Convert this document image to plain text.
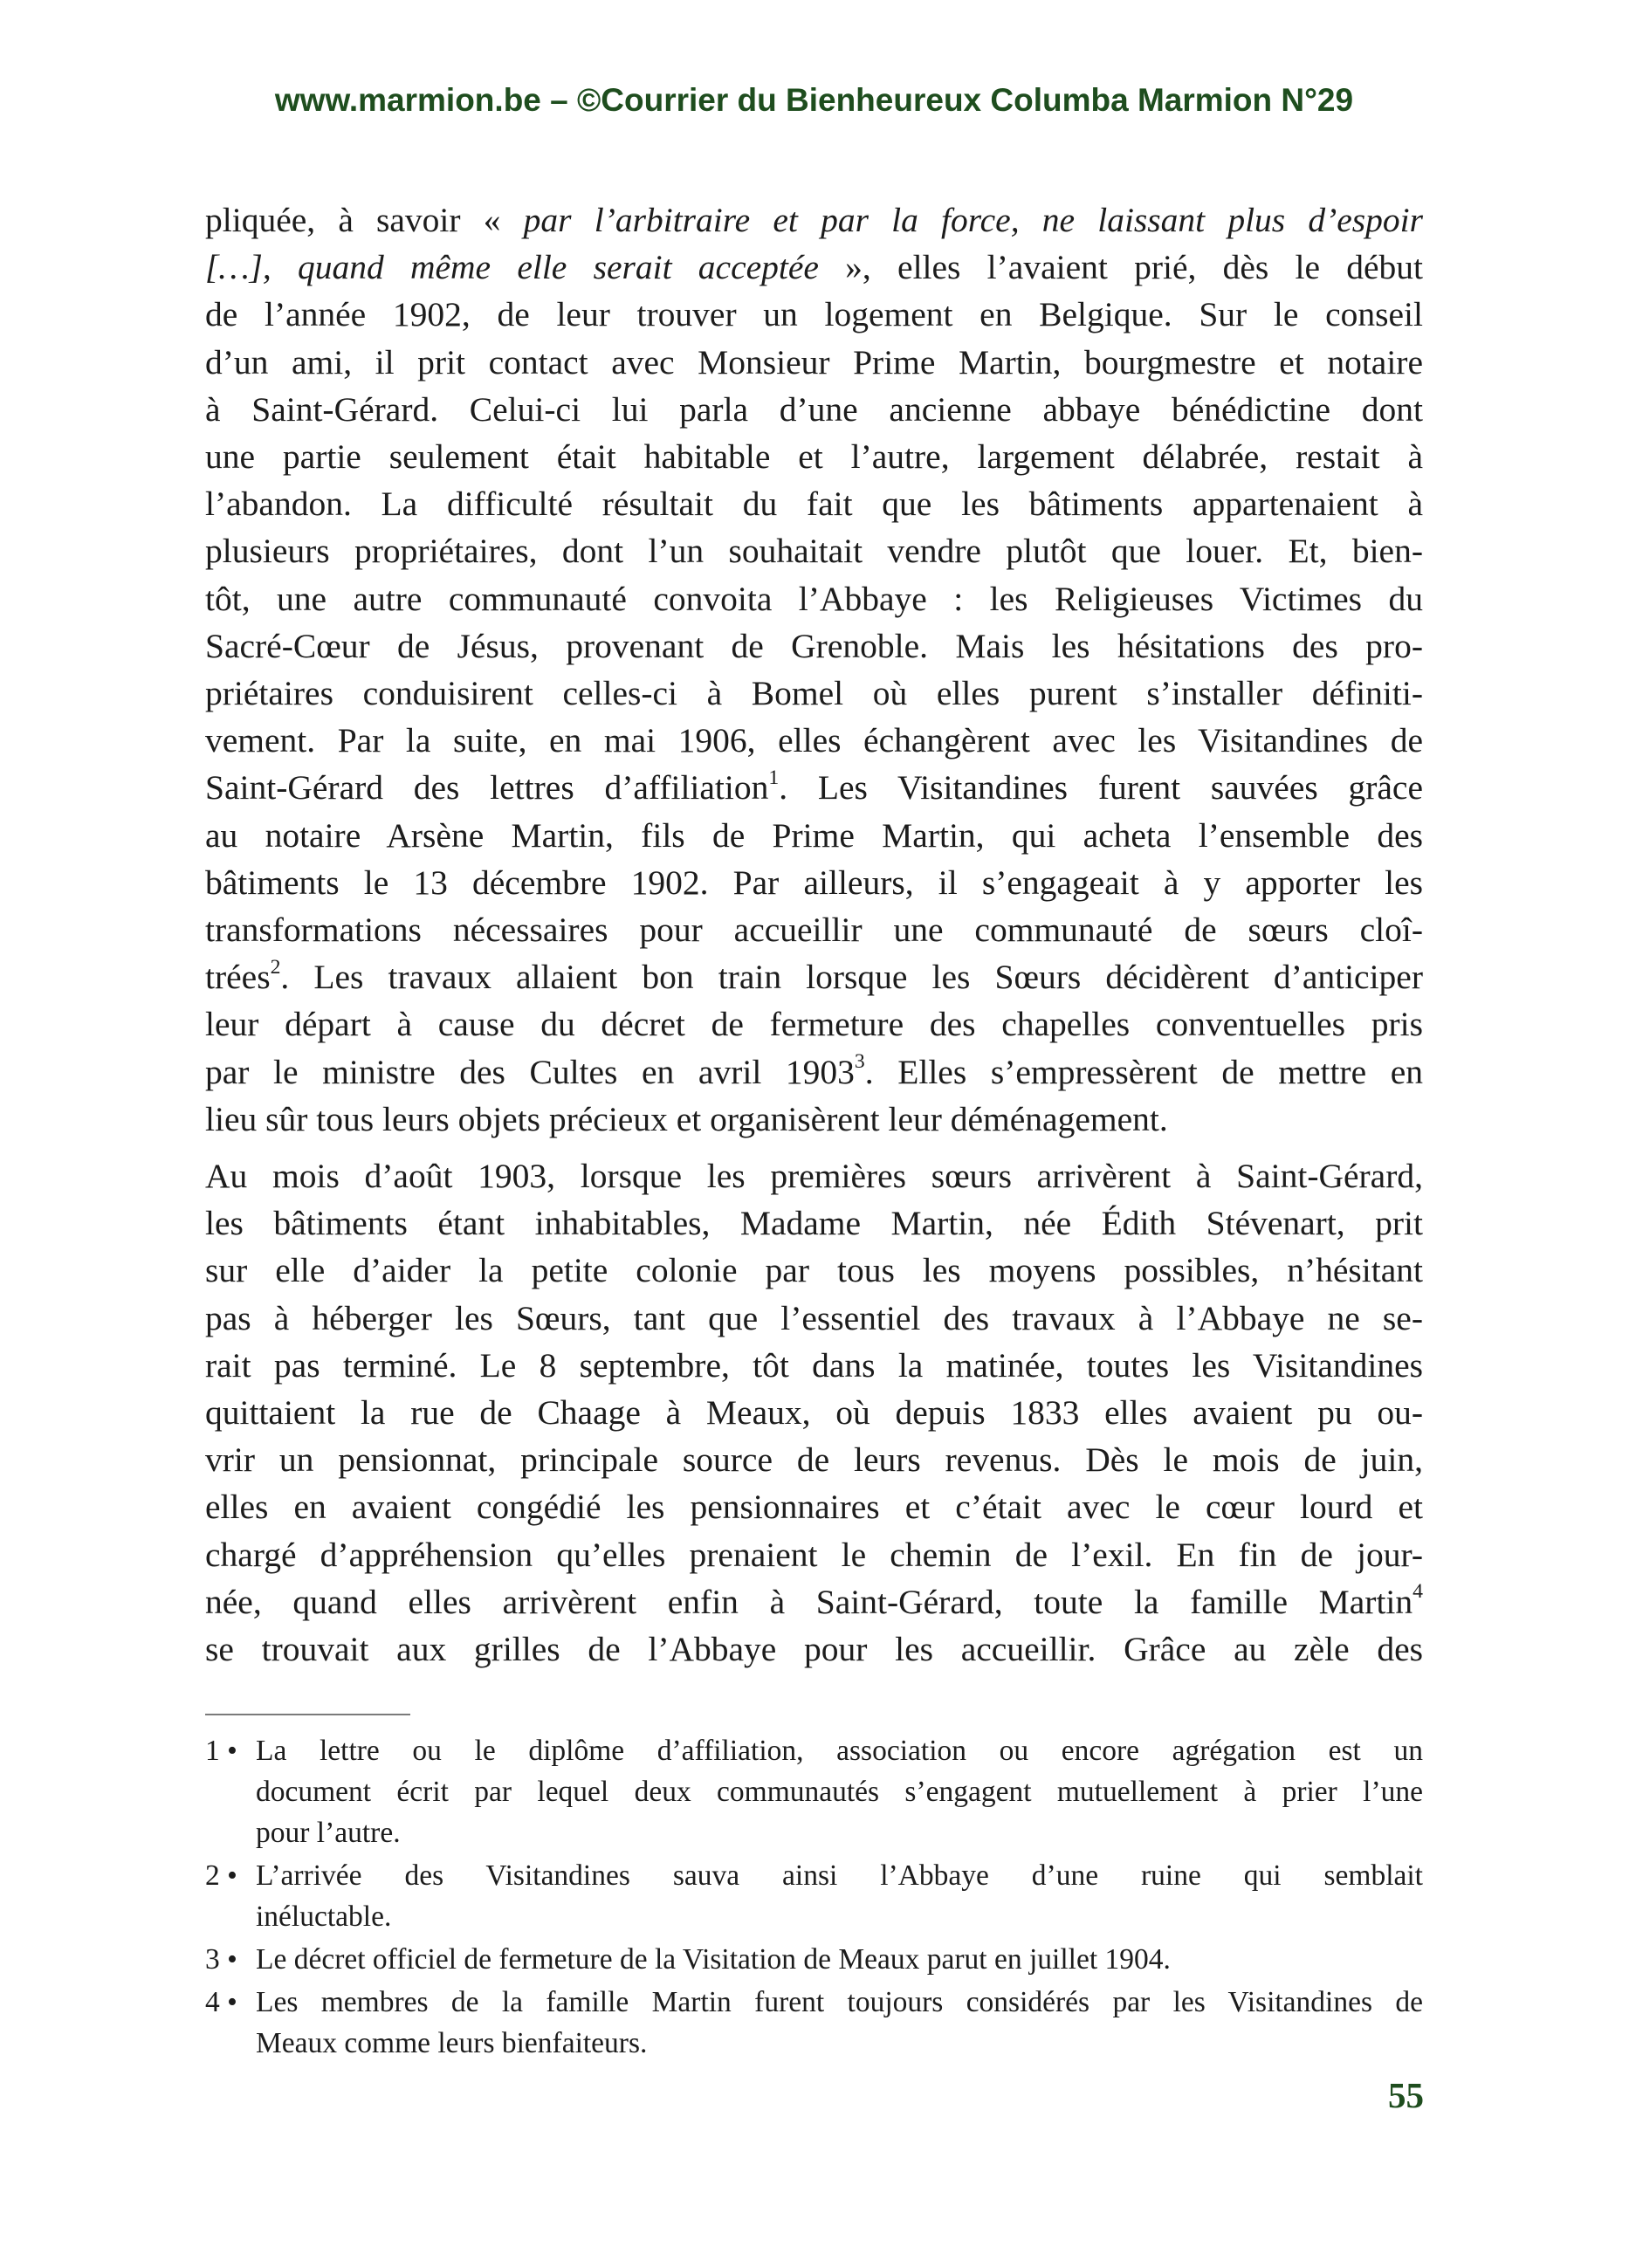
www.marmion.be – ©Courrier du Bienheureux Columba Marmion N°29
pliquée, à savoir « par l’arbitraire et par la force, ne laissant plus d’espoir
[…], quand même elle serait acceptée », elles l’avaient prié, dès le début
de l’année 1902, de leur trouver un logement en Belgique. Sur le conseil
d’un ami, il prit contact avec Monsieur Prime Martin, bourgmestre et notaire
à Saint-Gérard. Celui-ci lui parla d’une ancienne abbaye bénédictine dont
une partie seulement était habitable et l’autre, largement délabrée, restait à
l’abandon. La difficulté résultait du fait que les bâtiments appartenaient à
plusieurs propriétaires, dont l’un souhaitait vendre plutôt que louer. Et, bien-
tôt, une autre communauté convoita l’Abbaye : les Religieuses Victimes du
Sacré-Cœur de Jésus, provenant de Grenoble. Mais les hésitations des pro-
priétaires conduisirent celles-ci à Bomel où elles purent s’installer définiti-
vement. Par la suite, en mai 1906, elles échangèrent avec les Visitandines de
Saint-Gérard des lettres d’affiliation$^1$. Les Visitandines furent sauvées grâce
au notaire Arsène Martin, fils de Prime Martin, qui acheta l’ensemble des
bâtiments le 13 décembre 1902. Par ailleurs, il s’engageait à y apporter les
transformations nécessaires pour accueillir une communauté de sœurs cloî-
trées$^2$. Les travaux allaient bon train lorsque les Sœurs décidèrent d’anticiper
leur départ à cause du décret de fermeture des chapelles conventuelles pris
par le ministre des Cultes en avril 1903$^3$. Elles s’empressèrent de mettre en
lieu sûr tous leurs objets précieux et organisèrent leur déménagement.
Au mois d’août 1903, lorsque les premières sœurs arrivèrent à Saint-Gérard,
les bâtiments étant inhabitables, Madame Martin, née Édith Stévenart, prit
sur elle d’aider la petite colonie par tous les moyens possibles, n’hésitant
pas à héberger les Sœurs, tant que l’essentiel des travaux à l’Abbaye ne se-
rait pas terminé. Le 8 septembre, tôt dans la matinée, toutes les Visitandines
quittaient la rue de Chaage à Meaux, où depuis 1833 elles avaient pu ou-
vrir un pensionnat, principale source de leurs revenus. Dès le mois de juin,
elles en avaient congédié les pensionnaires et c’était avec le cœur lourd et
chargé d’appréhension qu’elles prenaient le chemin de l’exil. En fin de jour-
née, quand elles arrivèrent enfin à Saint-Gérard, toute la famille Martin$^4$
se trouvait aux grilles de l’Abbaye pour les accueillir. Grâce au zèle des
1 • La lettre ou le diplôme d’affiliation, association ou encore agrégation est un
document écrit par lequel deux communautés s’engagent mutuellement à prier l’une
pour l’autre.
2 • L’arrivée des Visitandines sauva ainsi l’Abbaye d’une ruine qui semblait
inéluctable.
3 • Le décret officiel de fermeture de la Visitation de Meaux parut en juillet 1904.
4 • Les membres de la famille Martin furent toujours considérés par les Visitandines de
Meaux comme leurs bienfaiteurs.
55
